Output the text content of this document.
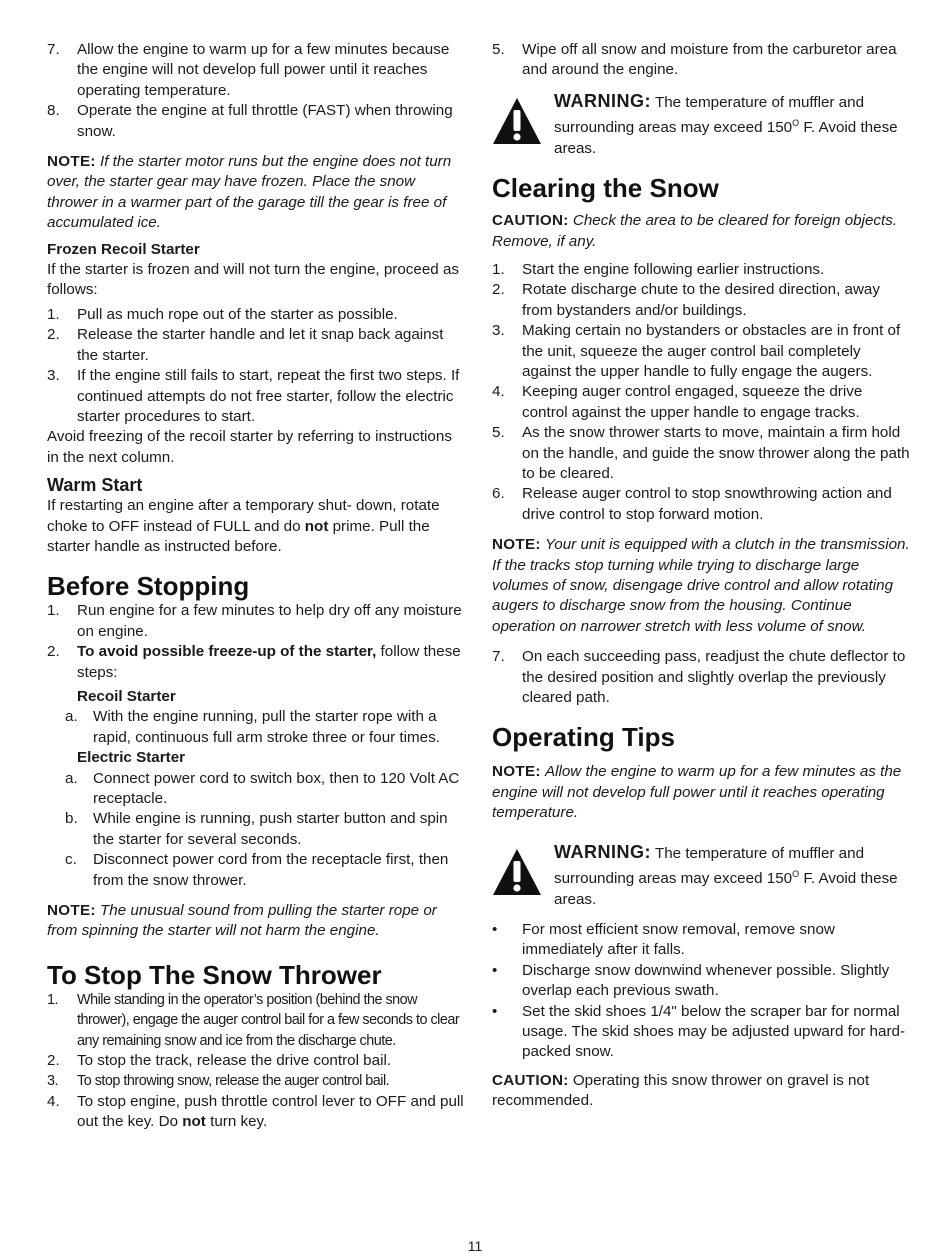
7. Allow the engine to warm up for a few minutes because the engine will not develop full power until it reaches operating temperature.
8. Operate the engine at full throttle (FAST) when throwing snow.

NOTE: If the starter motor runs but the engine does not turn over, the starter gear may have frozen. Place the snow thrower in a warmer part of the garage till the gear is free of accumulated ice.

Frozen Recoil Starter

If the starter is frozen and will not turn the engine, proceed as follows:

1. Pull as much rope out of the starter as possible.
2. Release the starter handle and let it snap back against the starter.
3. If the engine still fails to start, repeat the first two steps. If continued attempts do not free starter, follow the electric starter procedures to start.

Avoid freezing of the recoil starter by referring to instructions in the next column.

Warm Start

If restarting an engine after a temporary shut- down, rotate choke to OFF instead of FULL and do not prime. Pull the starter handle as instructed before.

Before Stopping
1. Run engine for a few minutes to help dry off any moisture on engine.
2. To avoid possible freeze-up of the starter, follow these steps:
Recoil Starter
a. With the engine running, pull the starter rope with a rapid, continuous full arm stroke three or four times.
Electric Starter
a. Connect power cord to switch box, then to 120 Volt AC receptacle.
b. While engine is running, push starter button and spin the starter for several seconds.
c. Disconnect power cord from the receptacle first, then from the snow thrower.

NOTE: The unusual sound from pulling the starter rope or from spinning the starter will not harm the engine.

To Stop The Snow Thrower
1. While standing in the operator’s position (behind the snow thrower), engage the auger control bail for a few seconds to clear any remaining snow and ice from the discharge chute.
2. To stop the track, release the drive control bail.
3. To stop throwing snow, release the auger control bail.
4. To stop engine, push throttle control lever to OFF and pull out the key. Do not turn key.
5. Wipe off all snow and moisture from the carburetor area and around the engine.

WARNING: The temperature of muffler and surrounding areas may exceed $150^O$ F. Avoid these areas.

Clearing the Snow

CAUTION: Check the area to be cleared for foreign objects. Remove, if any.

1. Start the engine following earlier instructions.
2. Rotate discharge chute to the desired direction, away from bystanders and/or buildings.
3. Making certain no bystanders or obstacles are in front of the unit, squeeze the auger control bail completely against the upper handle to fully engage the augers.
4. Keeping auger control engaged, squeeze the drive control against the upper handle to engage tracks.
5. As the snow thrower starts to move, maintain a firm hold on the handle, and guide the snow thrower along the path to be cleared.
6. Release auger control to stop snowthrowing action and drive control to stop forward motion.

NOTE: Your unit is equipped with a clutch in the transmission. If the tracks stop turning while trying to discharge large volumes of snow, disengage drive control and allow rotating augers to discharge snow from the housing. Continue operation on narrower stretch with less volume of snow.

7. On each succeeding pass, readjust the chute deflector to the desired position and slightly overlap the previously cleared path.
Operating Tips

NOTE: Allow the engine to warm up for a few minutes as the engine will not develop full power until it reaches operating temperature.

WARNING: The temperature of muffler and surrounding areas may exceed $150^O$ F. Avoid these areas.

• For most efficient snow removal, remove snow immediately after it falls.
• Discharge snow downwind whenever possible. Slightly overlap each previous swath.
• Set the skid shoes 1/4" below the scraper bar for normal usage. The skid shoes may be adjusted upward for hard-packed snow.

CAUTION: Operating this snow thrower on gravel is not recommended.

11
